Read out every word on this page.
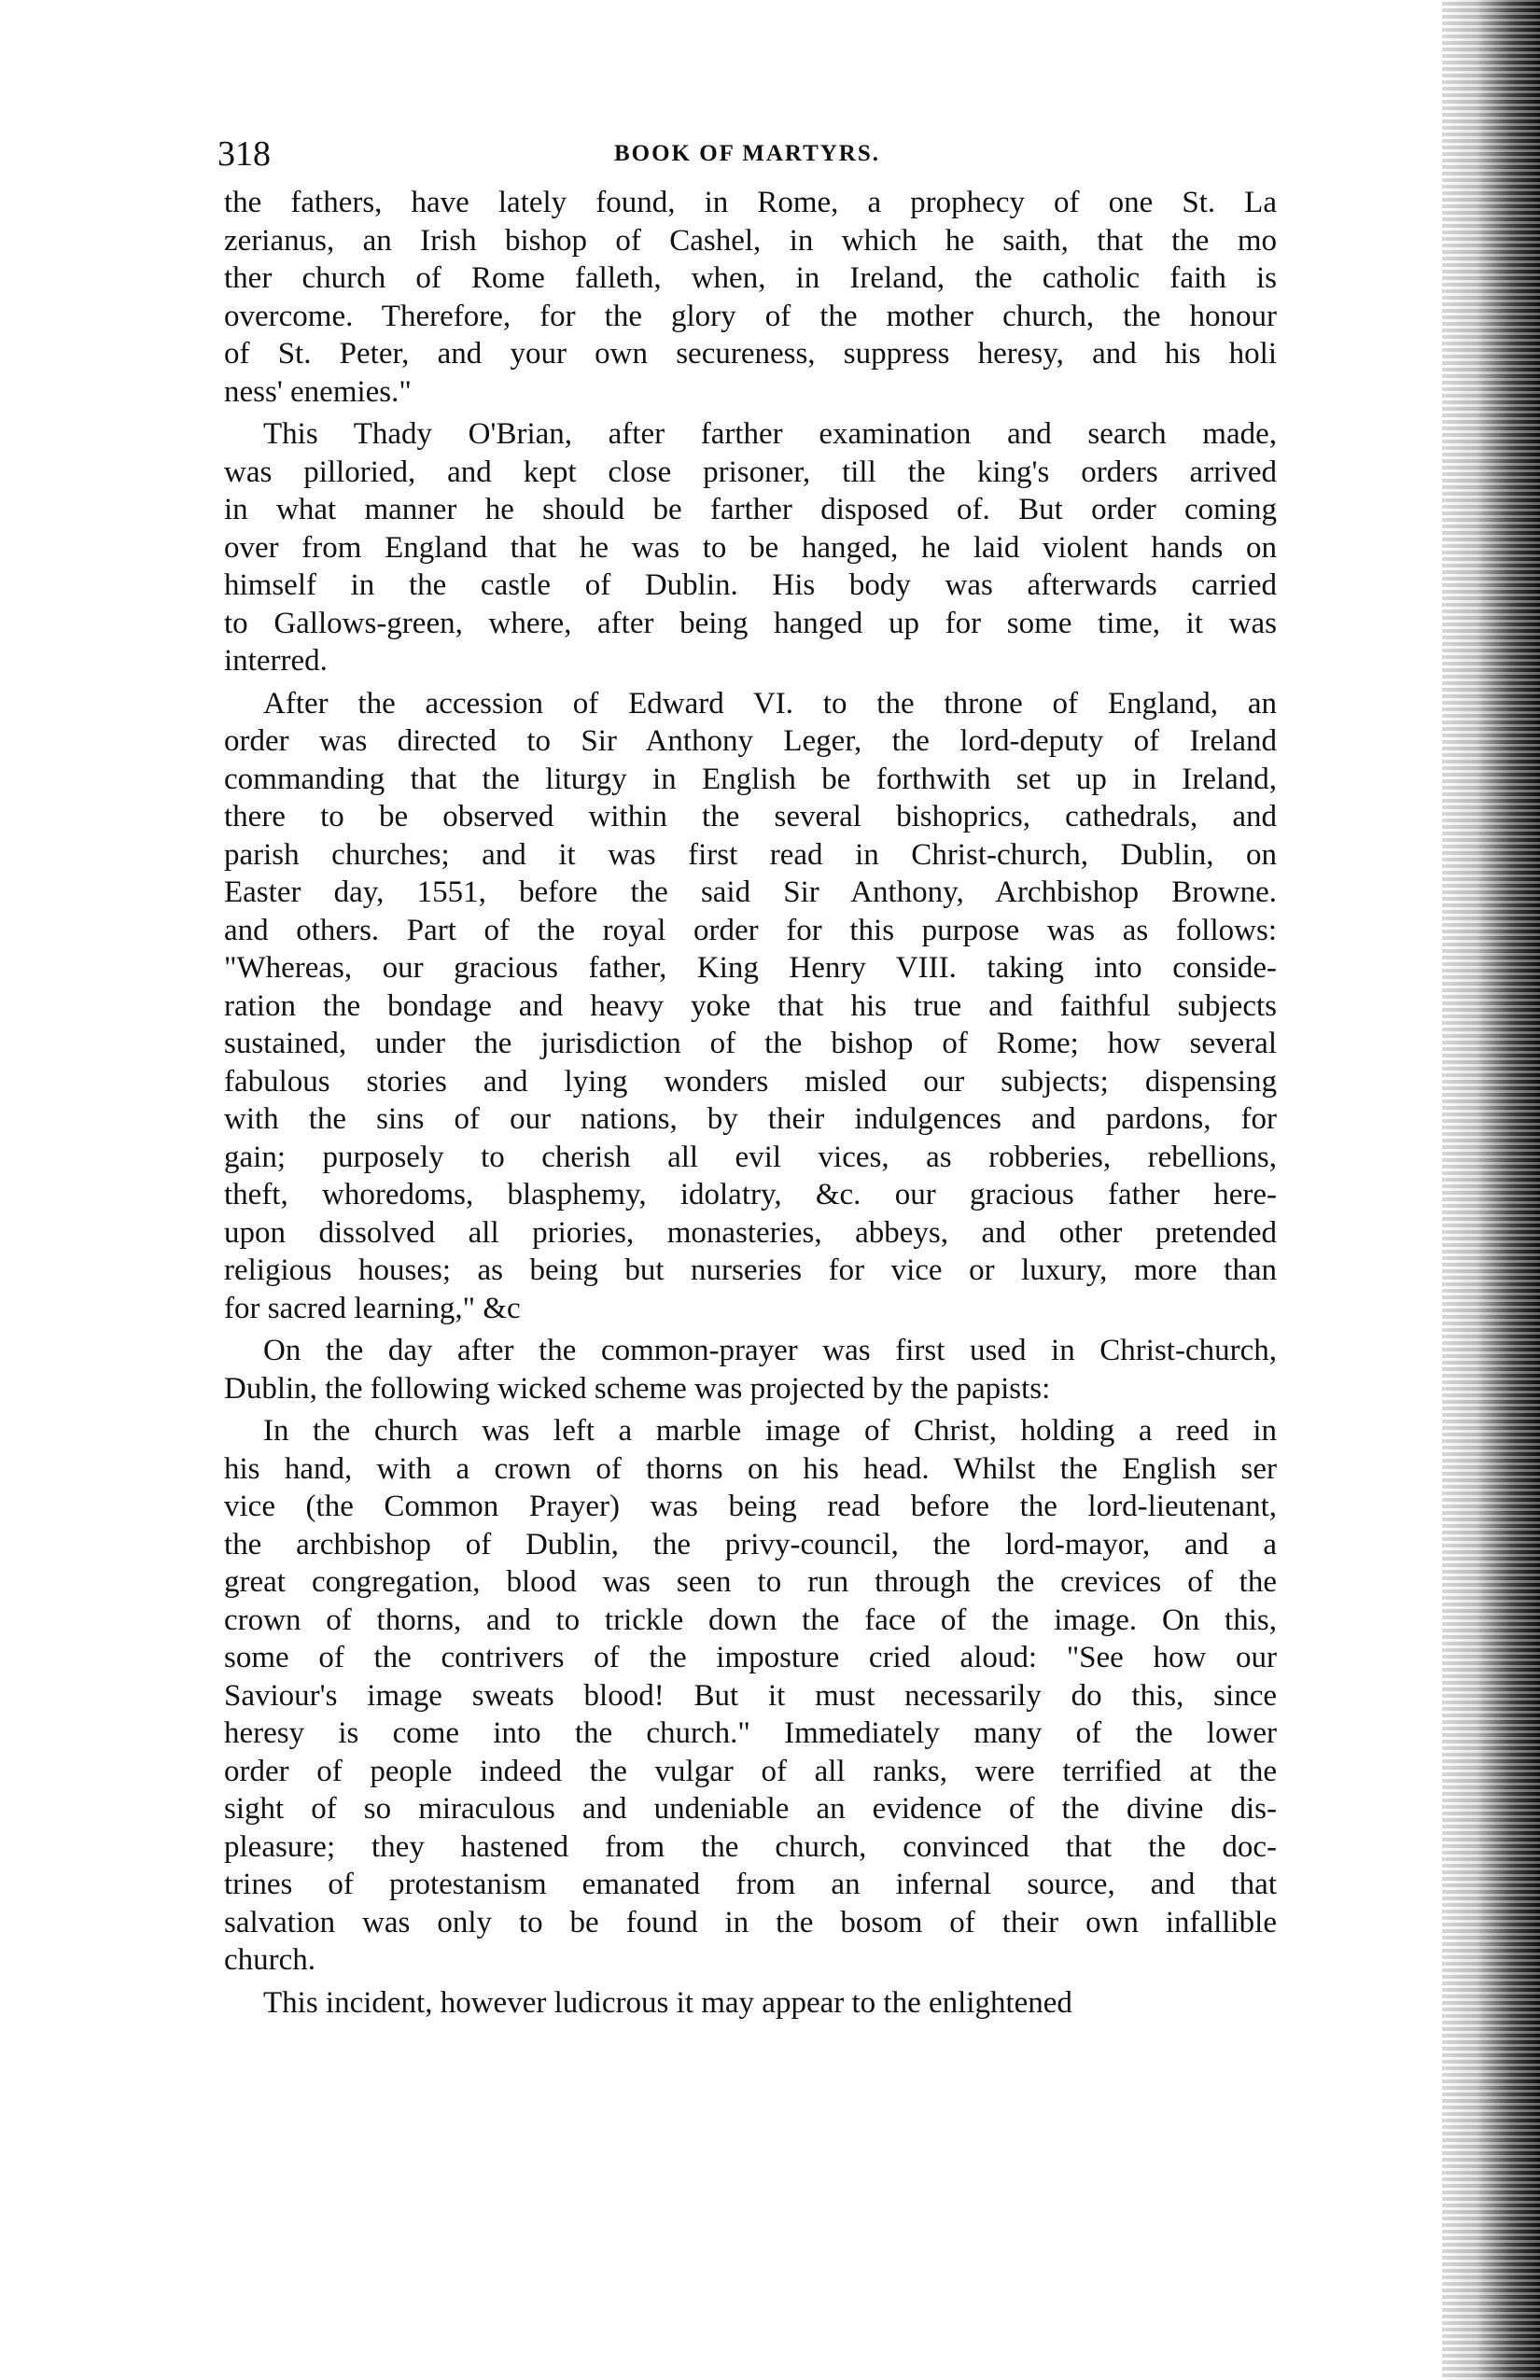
318	BOOK OF MARTYRS.
the fathers, have lately found, in Rome, a prophecy of one St. La
zerianus, an Irish bishop of Cashel, in which he saith, that the mo
ther church of Rome falleth, when, in Ireland, the catholic faith is
overcome. Therefore, for the glory of the mother church, the honour
of St. Peter, and your own secureness, suppress heresy, and his holi
ness' enemies."
This Thady O'Brian, after farther examination and search made,
was pilloried, and kept close prisoner, till the king's orders arrived
in what manner he should be farther disposed of. But order coming
over from England that he was to be hanged, he laid violent hands on
himself in the castle of Dublin. His body was afterwards carried
to Gallows-green, where, after being hanged up for some time, it was
interred.
After the accession of Edward VI. to the throne of England, an
order was directed to Sir Anthony Leger, the lord-deputy of Ireland
commanding that the liturgy in English be forthwith set up in Ireland,
there to be observed within the several bishoprics, cathedrals, and
parish churches; and it was first read in Christ-church, Dublin, on
Easter day, 1551, before the said Sir Anthony, Archbishop Browne.
and others. Part of the royal order for this purpose was as follows:
"Whereas, our gracious father, King Henry VIII. taking into conside-
ration the bondage and heavy yoke that his true and faithful subjects
sustained, under the jurisdiction of the bishop of Rome; how several
fabulous stories and lying wonders misled our subjects; dispensing
with the sins of our nations, by their indulgences and pardons, for
gain; purposely to cherish all evil vices, as robberies, rebellions,
theft, whoredoms, blasphemy, idolatry, &c. our gracious father here-
upon dissolved all priories, monasteries, abbeys, and other pretended
religious houses; as being but nurseries for vice or luxury, more than
for sacred learning," &c
On the day after the common-prayer was first used in Christ-church,
Dublin, the following wicked scheme was projected by the papists:
In the church was left a marble image of Christ, holding a reed in
his hand, with a crown of thorns on his head. Whilst the English ser
vice (the Common Prayer) was being read before the lord-lieutenant,
the archbishop of Dublin, the privy-council, the lord-mayor, and a
great congregation, blood was seen to run through the crevices of the
crown of thorns, and to trickle down the face of the image. On this,
some of the contrivers of the imposture cried aloud: "See how our
Saviour's image sweats blood! But it must necessarily do this, since
heresy is come into the church." Immediately many of the lower
order of people indeed the vulgar of all ranks, were terrified at the
sight of so miraculous and undeniable an evidence of the divine dis-
pleasure; they hastened from the church, convinced that the doc-
trines of protestanism emanated from an infernal source, and that
salvation was only to be found in the bosom of their own infallible
church.
This incident, however ludicrous it may appear to the enlightened
